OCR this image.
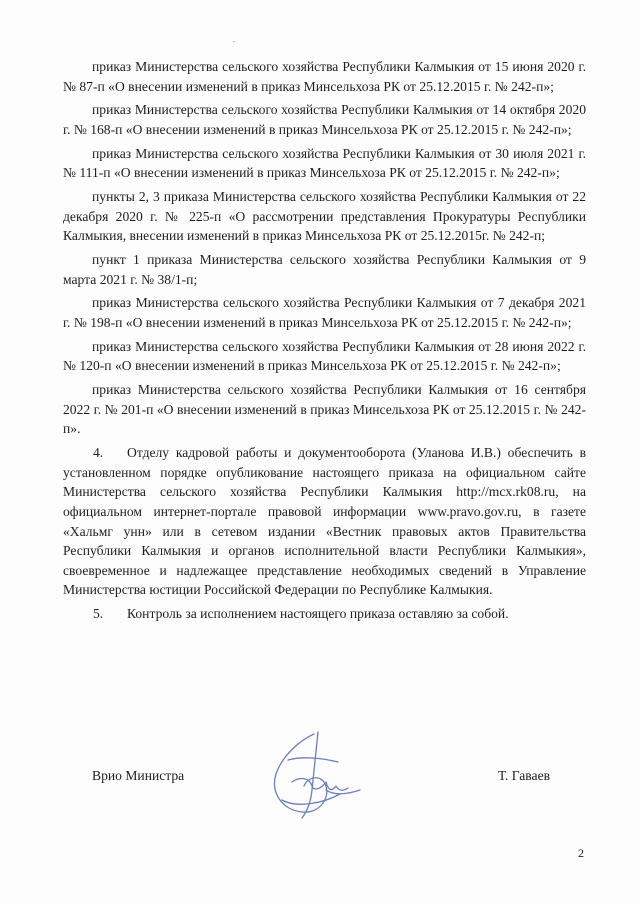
приказ Министерства сельского хозяйства Республики Калмыкия от 15 июня 2020 г. № 87-п «О внесении изменений в приказ Минсельхоза РК от 25.12.2015 г. № 242-п»;

приказ Министерства сельского хозяйства Республики Калмыкия от 14 октября 2020 г. № 168-п «О внесении изменений в приказ Минсельхоза РК от 25.12.2015 г. № 242-п»;

приказ Министерства сельского хозяйства Республики Калмыкия от 30 июля 2021 г. № 111-п «О внесении изменений в приказ Минсельхоза РК от 25.12.2015 г. № 242-п»;

пункты 2, 3 приказа Министерства сельского хозяйства Республики Калмыкия от 22 декабря 2020 г. № 225-п «О рассмотрении представления Прокуратуры Республики Калмыкия, внесении изменений в приказ Минсельхоза РК от 25.12.2015г. № 242-п;

пункт 1 приказа Министерства сельского хозяйства Республики Калмыкия от 9 марта 2021 г. № 38/1-п;

приказ Министерства сельского хозяйства Республики Калмыкия от 7 декабря 2021 г. № 198-п «О внесении изменений в приказ Минсельхоза РК от 25.12.2015 г. № 242-п»;

приказ Министерства сельского хозяйства Республики Калмыкия от 28 июня 2022 г. № 120-п «О внесении изменений в приказ Минсельхоза РК от 25.12.2015 г. № 242-п»;

приказ Министерства сельского хозяйства Республики Калмыкия от 16 сентября 2022 г. № 201-п «О внесении изменений в приказ Минсельхоза РК от 25.12.2015 г. № 242-п».

4. Отделу кадровой работы и документооборота (Уланова И.В.) обеспечить в установленном порядке опубликование настоящего приказа на официальном сайте Министерства сельского хозяйства Республики Калмыкия http://mcx.rk08.ru, на официальном интернет-портале правовой информации www.pravo.gov.ru, в газете «Хальмг унн» или в сетевом издании «Вестник правовых актов Правительства Республики Калмыкия и органов исполнительной власти Республики Калмыкия», своевременное и надлежащее представление необходимых сведений в Управление Министерства юстиции Российской Федерации по Республике Калмыкия.

5. Контроль за исполнением настоящего приказа оставляю за собой.

Врио Министра	Т. Гаваев
2
